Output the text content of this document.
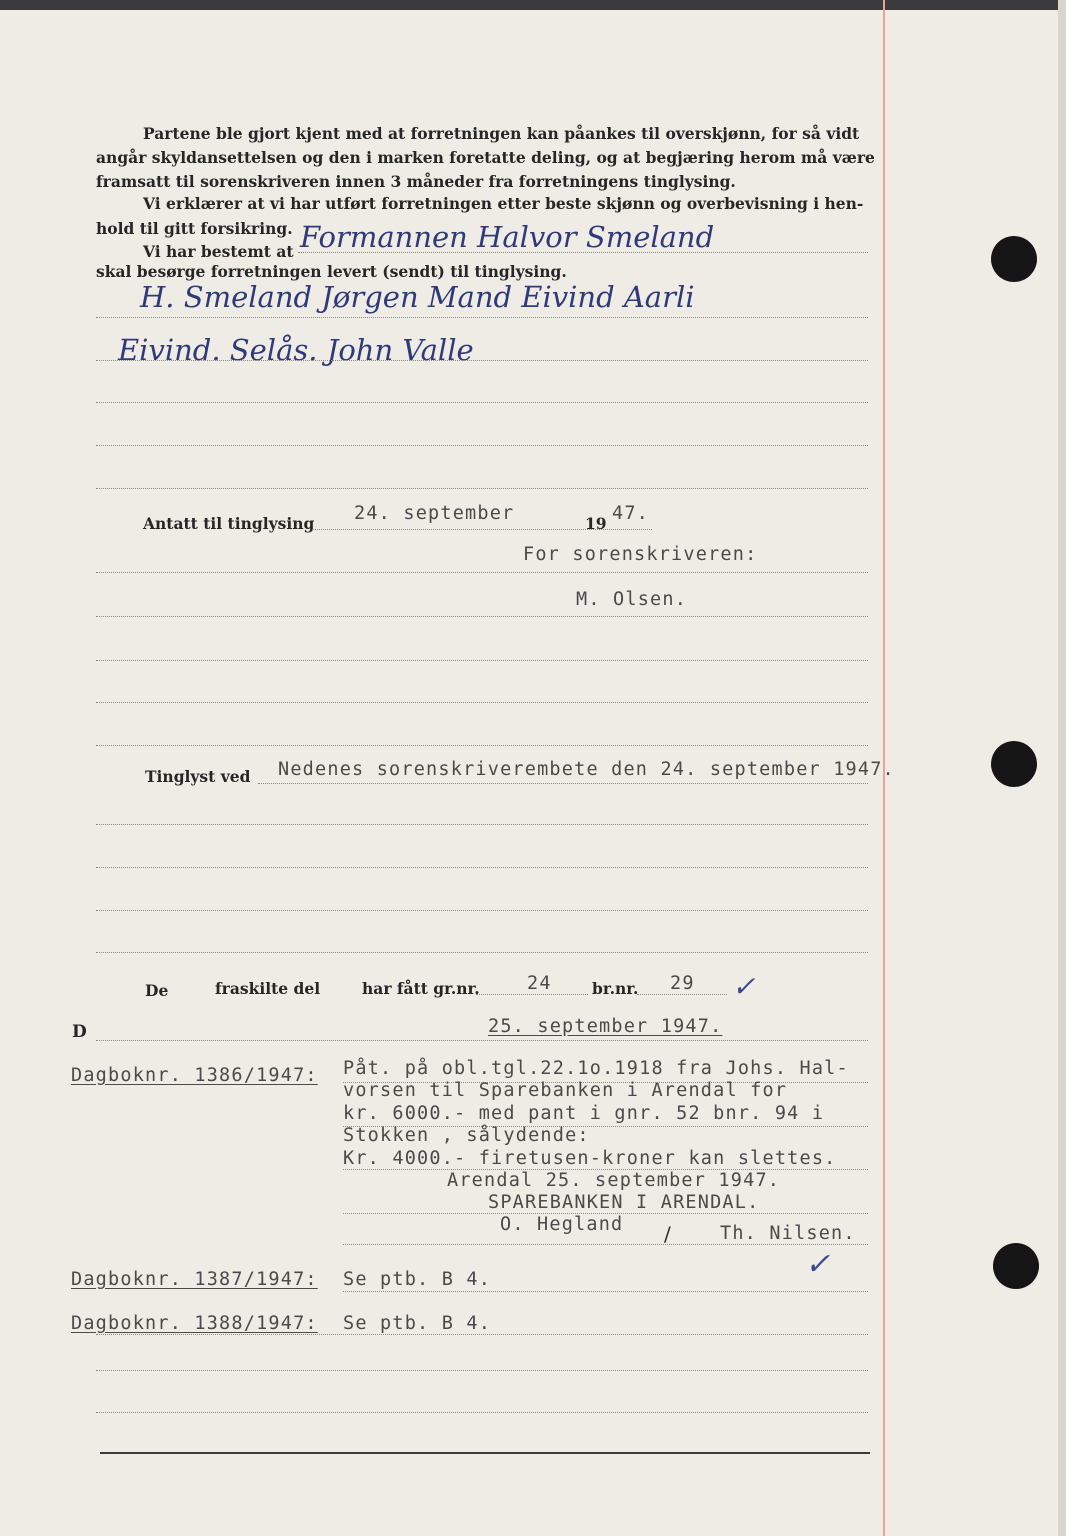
Partene ble gjort kjent med at forretningen kan påankes til overskjønn, for så vidt
angår skyldansettelsen og den i marken foretatte deling, og at begjæring herom må være
framsatt til sorenskriveren innen 3 måneder fra forretningens tinglysing.
Vi erklærer at vi har utført forretningen etter beste skjønn og overbevisning i hen-
hold til gitt forsikring.
Vi har bestemt at Formannen Halvor Smeland
skal besørge forretningen levert (sendt) til tinglysing.
H. Smeland Jørgen Mand Eivind Aarli
Eivind. Selås. John Valle
Antatt til tinglysing 24. september	19 47.
For sorenskriveren:
M. Olsen.
Tinglyst ved Nedenes sorenskriverembete den 24. september 1947.
De	fraskilte del	har fått gr.nr.	24	br.nr. 29 ✓
D	25. september 1947.
Dagboknr. 1386/1947: Påt. på obl.tgl.22.1o.1918 fra Johs. Hal-
vorsen til Sparebanken i Arendal for
kr. 6000.- med pant i gnr. 52 bnr. 94 i
Stokken , sålydende:
Kr. 4000.- firetusen-kroner kan slettes.
Arendal 25. september 1947.
SPAREBANKEN I ARENDAL.
O. Hegland /	Th. Nilsen.
✓
Dagboknr. 1387/1947: Se ptb. B 4.
Dagboknr. 1388/1947: Se ptb. B 4.
